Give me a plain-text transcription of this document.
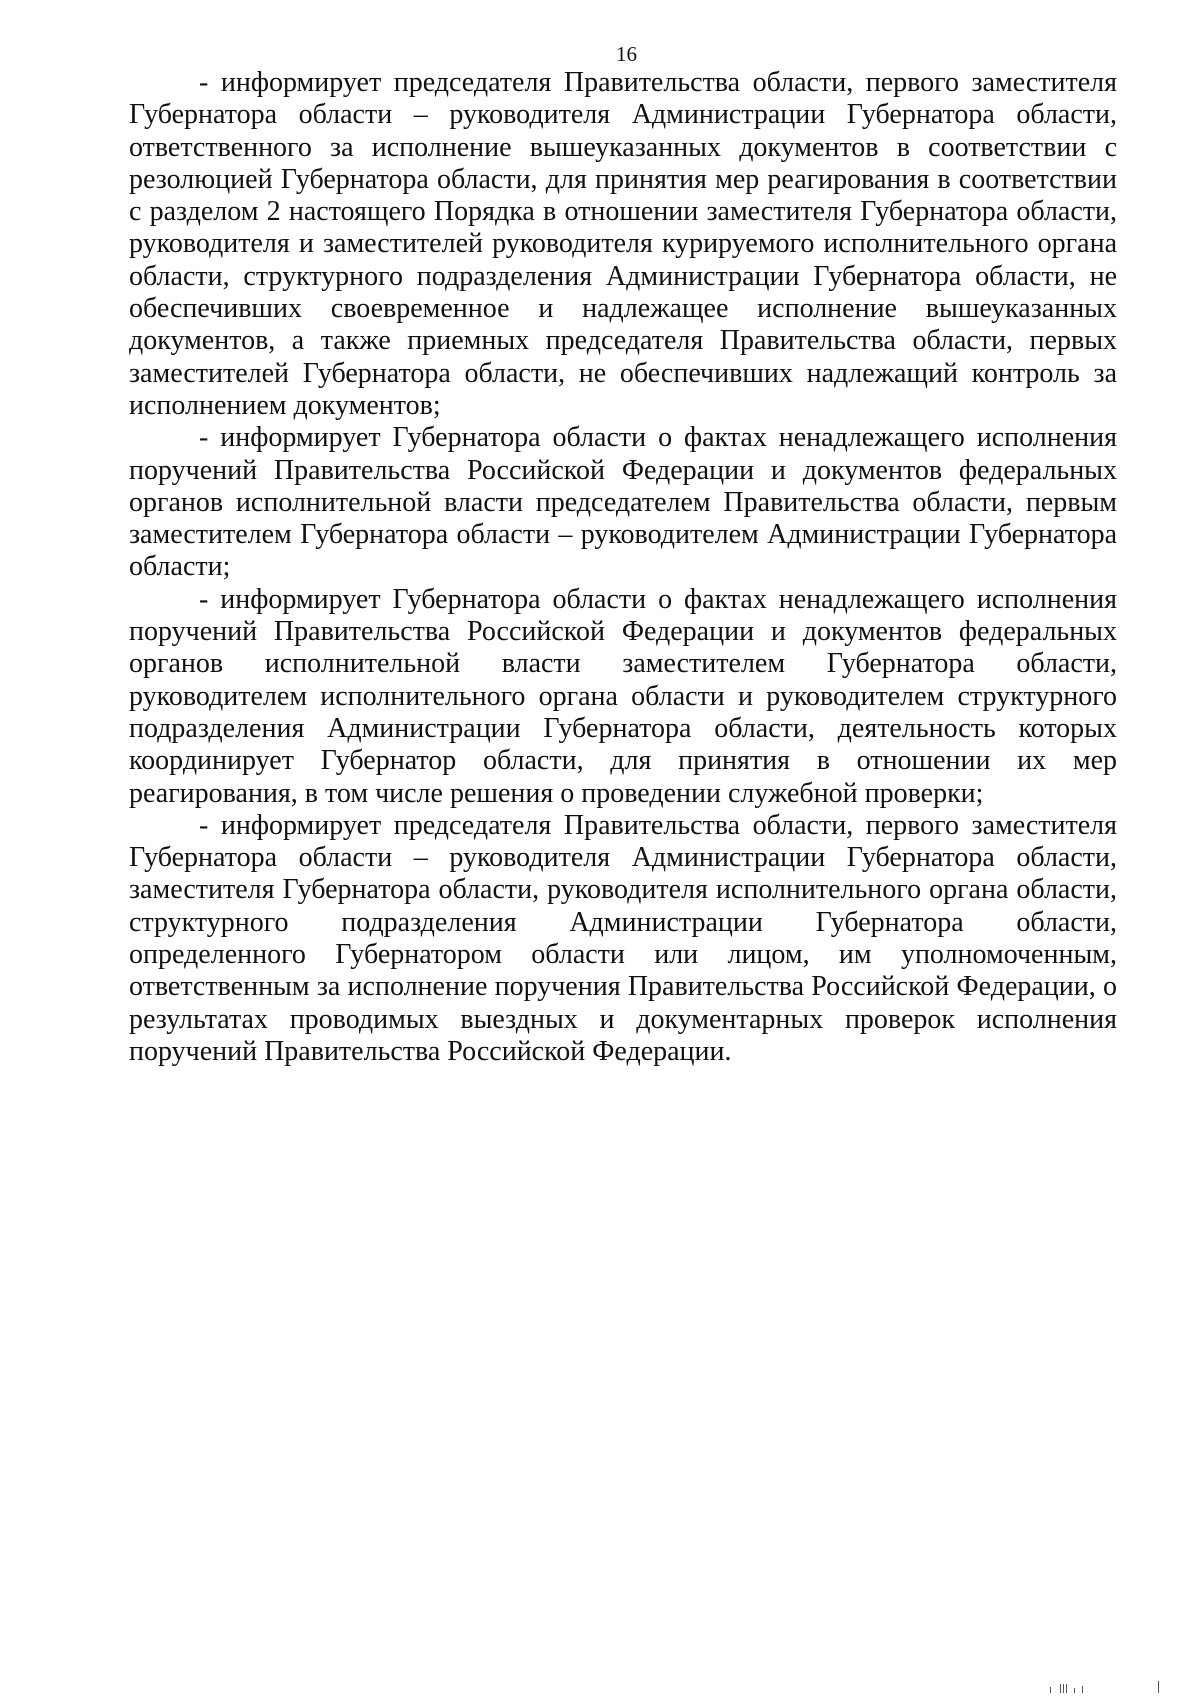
16

- информирует председателя Правительства области, первого заместителя Губернатора области – руководителя Администрации Губернатора области, ответственного за исполнение вышеуказанных документов в соответствии с резолюцией Губернатора области, для принятия мер реагирования в соответствии с разделом 2 настоящего Порядка в отношении заместителя Губернатора области, руководителя и заместителей руководителя курируемого исполнительного органа области, структурного подразделения Администрации Губернатора области, не обеспечивших своевременное и надлежащее исполнение вышеуказанных документов, а также приемных председателя Правительства области, первых заместителей Губернатора области, не обеспечивших надлежащий контроль за исполнением документов;

- информирует Губернатора области о фактах ненадлежащего исполнения поручений Правительства Российской Федерации и документов федеральных органов исполнительной власти председателем Правительства области, первым заместителем Губернатора области – руководителем Администрации Губернатора области;

- информирует Губернатора области о фактах ненадлежащего исполнения поручений Правительства Российской Федерации и документов федеральных органов исполнительной власти заместителем Губернатора области, руководителем исполнительного органа области и руководителем структурного подразделения Администрации Губернатора области, деятельность которых координирует Губернатор области, для принятия в отношении их мер реагирования, в том числе решения о проведении служебной проверки;

- информирует председателя Правительства области, первого заместителя Губернатора области – руководителя Администрации Губернатора области, заместителя Губернатора области, руководителя исполнительного органа области, структурного подразделения Администрации Губернатора области, определенного Губернатором области или лицом, им уполномоченным, ответственным за исполнение поручения Правительства Российской Федерации, о результатах проводимых выездных и документарных проверок исполнения поручений Правительства Российской Федерации.
